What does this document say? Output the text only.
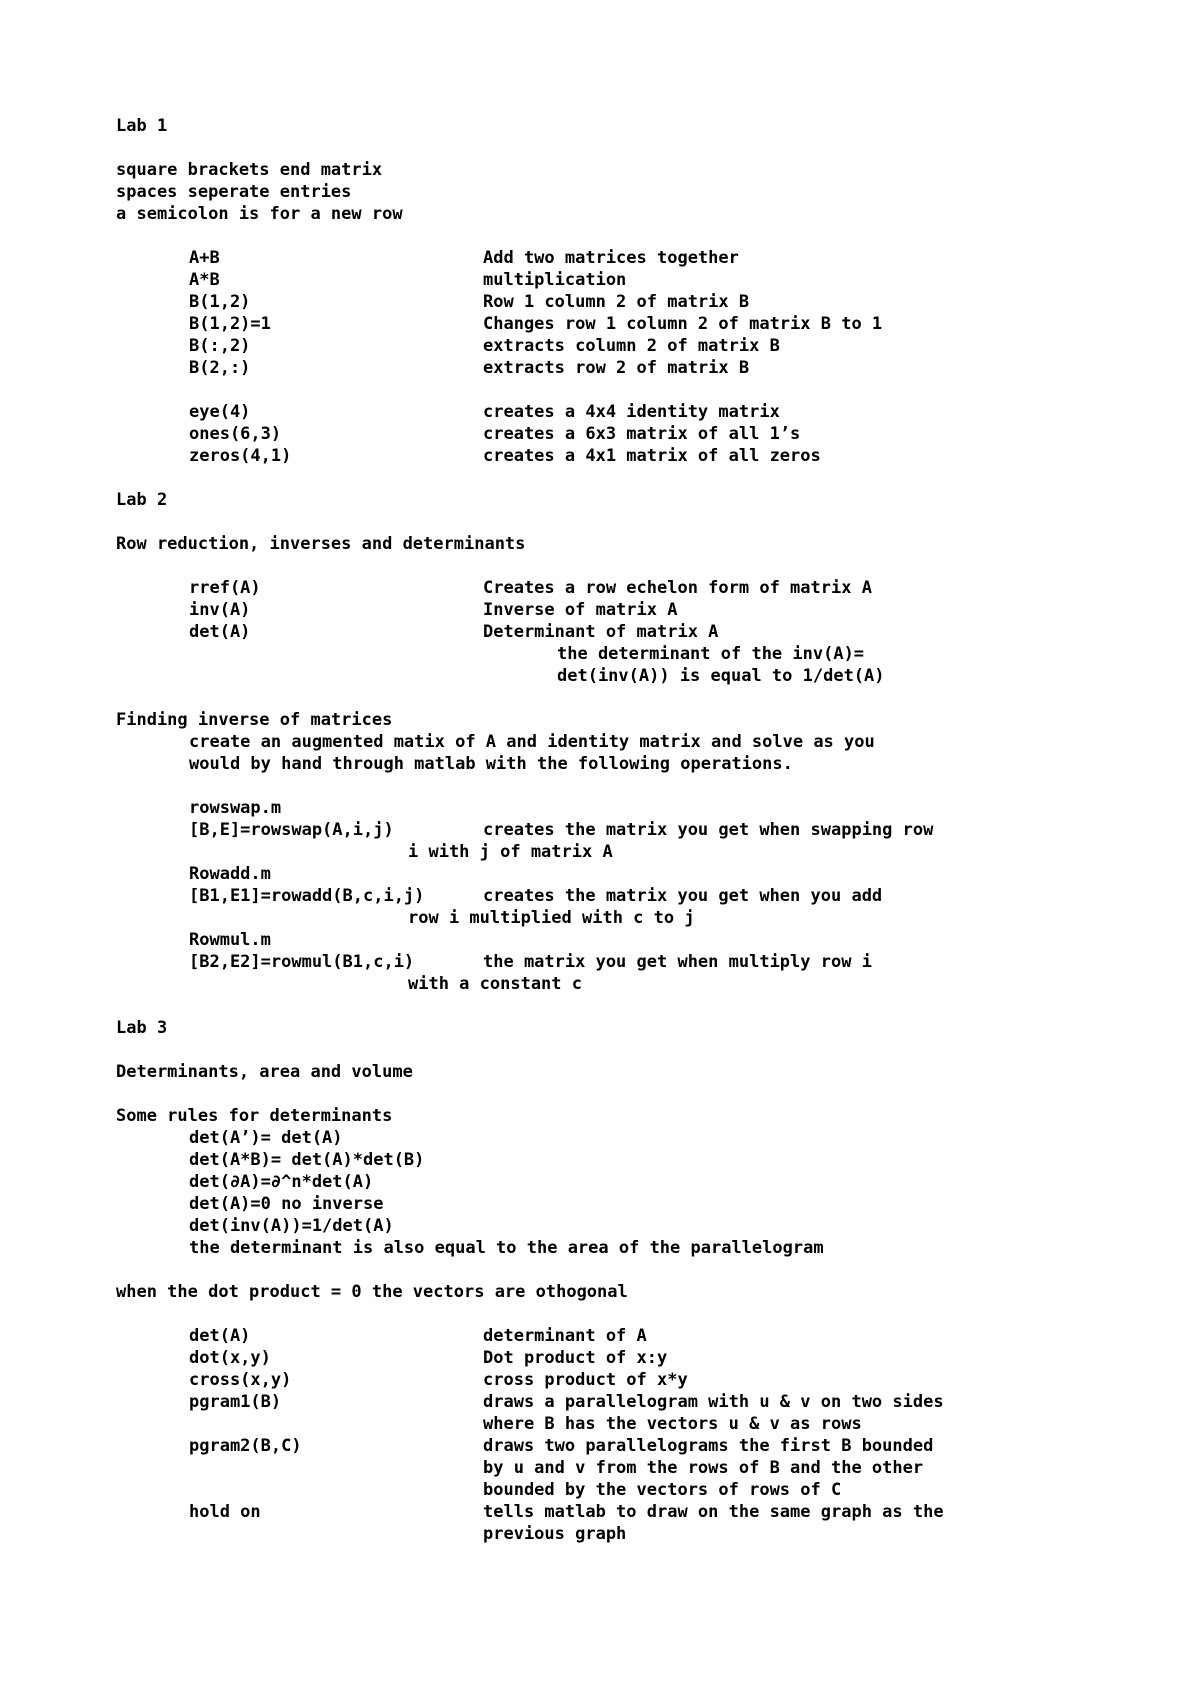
Lab 1
square brackets end matrix
spaces seperate entries
a semicolon is for a new row
A+B	Add two matrices together
A*B	multiplication
B(1,2)	Row 1 column 2 of matrix B
B(1,2)=1	Changes row 1 column 2 of matrix B to 1
B(:,2)	extracts column 2 of matrix B
B(2,:)	extracts row 2 of matrix B
eye(4)	creates a 4x4 identity matrix
ones(6,3)	creates a 6x3 matrix of all 1’s
zeros(4,1)	creates a 4x1 matrix of all zeros
Lab 2
Row reduction, inverses and determinants
rref(A)	Creates a row echelon form of matrix A
inv(A)	Inverse of matrix A
det(A)	Determinant of matrix A
the determinant of the inv(A)=
det(inv(A)) is equal to 1/det(A)
Finding inverse of matrices
create an augmented matix of A and identity matrix and solve as you
would by hand through matlab with the following operations.
rowswap.m
[B,E]=rowswap(A,i,j)	creates the matrix you get when swapping row
i with j of matrix A
Rowadd.m
[B1,E1]=rowadd(B,c,i,j)	creates the matrix you get when you add
row i multiplied with c to j
Rowmul.m
[B2,E2]=rowmul(B1,c,i)	the matrix you get when multiply row i
with a constant c
Lab 3
Determinants, area and volume
Some rules for determinants
det(A’)= det(A)
det(A*B)= det(A)*det(B)
det(∂A)=∂^n*det(A)
det(A)=0 no inverse
det(inv(A))=1/det(A)
the determinant is also equal to the area of the parallelogram
when the dot product = 0 the vectors are othogonal
det(A)	determinant of A
dot(x,y)	Dot product of x:y
cross(x,y)	cross product of x*y
pgram1(B)	draws a parallelogram with u & v on two sides
where B has the vectors u & v as rows
pgram2(B,C)	draws two parallelograms the first B bounded
by u and v from the rows of B and the other
bounded by the vectors of rows of C
hold on	tells matlab to draw on the same graph as the
previous graph
